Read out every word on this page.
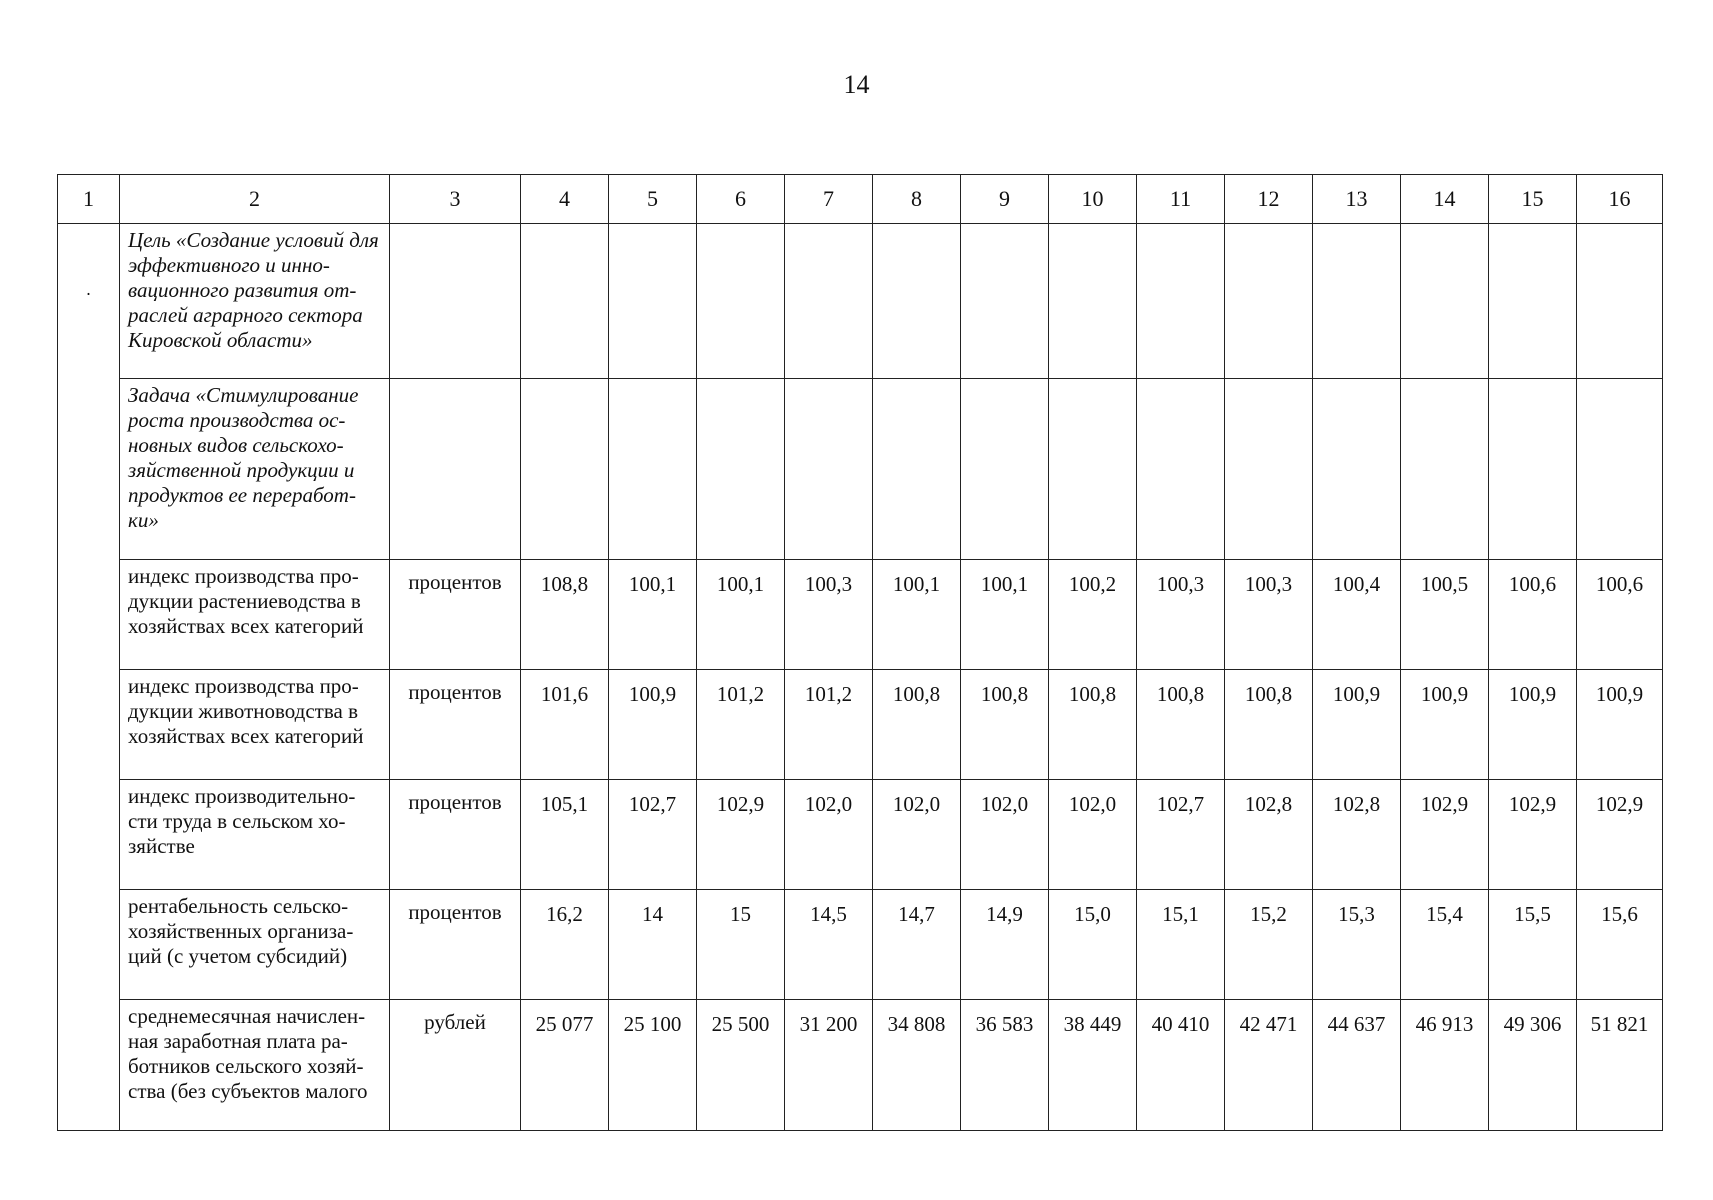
14
1	2	3	4	5	6	7	8	9	10	11	12	13	14	15	16
·	Цель «Создание условий для эффективного и инно-вационного развития от-раслей аграрного сектора Кировской области»														
	Задача «Стимулирование роста производства ос-новных видов сельскохо-зяйственной продукции и продуктов ее переработ-ки»														
	индекс производства про-дукции растениеводства в хозяйствах всех категорий	процентов	108,8	100,1	100,1	100,3	100,1	100,1	100,2	100,3	100,3	100,4	100,5	100,6	100,6
	индекс производства про-дукции животноводства в хозяйствах всех категорий	процентов	101,6	100,9	101,2	101,2	100,8	100,8	100,8	100,8	100,8	100,9	100,9	100,9	100,9
	индекс производительно-сти труда в сельском хо-зяйстве	процентов	105,1	102,7	102,9	102,0	102,0	102,0	102,0	102,7	102,8	102,8	102,9	102,9	102,9
	рентабельность сельско-хозяйственных организа-ций (с учетом субсидий)	процентов	16,2	14	15	14,5	14,7	14,9	15,0	15,1	15,2	15,3	15,4	15,5	15,6
	среднемесячная начислен-ная заработная плата ра-ботников сельского хозяй-ства (без субъектов малого	рублей	25 077	25 100	25 500	31 200	34 808	36 583	38 449	40 410	42 471	44 637	46 913	49 306	51 821
